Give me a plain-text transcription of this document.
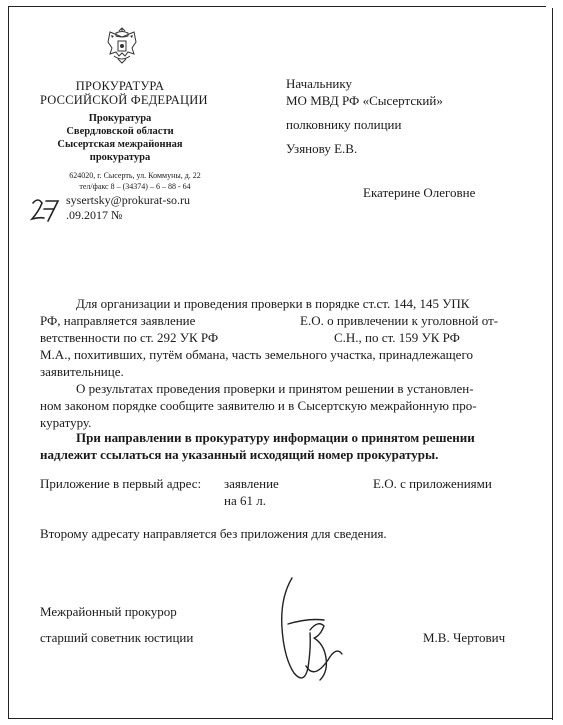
ПРОКУРАТУРА
РОССИЙСКОЙ ФЕДЕРАЦИИ
Прокуратура
Свердловской области
Сысертская межрайонная
прокуратура
624020, г. Сысерть, ул. Коммуны, д. 22
тел/факс 8 – (34374) – 6 – 88 - 64
sysertsky@prokurat-so.ru
.09.2017 №
Начальнику
МО МВД РФ «Сысертский»
полковнику полиции
Узянову Е.В.
Екатерине Олеговне
Для организации и проведения проверки в порядке ст.ст. 144, 145 УПК
РФ, направляется заявление	Е.О. о привлечении к уголовной от-
ветственности по ст. 292 УК РФ	С.Н., по ст. 159 УК РФ
М.А., похитивших, путём обмана, часть земельного участка, принадлежащего
заявительнице.
О результатах проведения проверки и принятом решении в установлен-
ном законом порядке сообщите заявителю и в Сысертскую межрайонную про-
куратуру.
При направлении в прокуратуру информации о принятом решении
надлежит ссылаться на указанный исходящий номер прокуратуры.
Приложение в первый адрес: заявление	Е.О. с приложениями
на 61 л.
Второму адресату направляется без приложения для сведения.
Межрайонный прокурор
старший советник юстиции	М.В. Чертович
